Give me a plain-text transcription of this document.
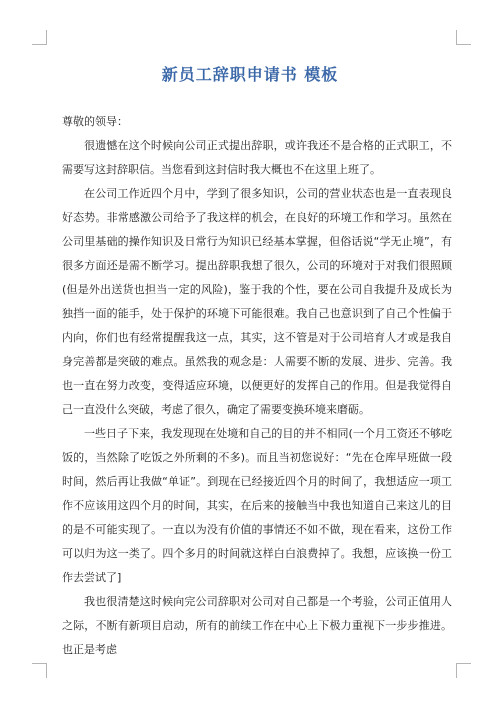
新员工辞职申请书 模板

尊敬的领导：

很遗憾在这个时候向公司正式提出辞职，或许我还不是合格的正式职工，不需要写这封辞职信。当您看到这封信时我大概也不在这里上班了。

在公司工作近四个月中，学到了很多知识，公司的营业状态也是一直表现良好态势。非常感激公司给予了我这样的机会，在良好的环境工作和学习。虽然在公司里基础的操作知识及日常行为知识已经基本掌握，但俗话说“学无止境”，有很多方面还是需不断学习。提出辞职我想了很久，公司的环境对于对我们很照顾(但是外出送货也担当一定的风险)，鉴于我的个性，要在公司自我提升及成长为独挡一面的能手，处于保护的环境下可能很难。我自己也意识到了自己个性偏于内向，你们也有经常提醒我这一点，其实，这不管是对于公司培育人才或是我自身完善都是突破的难点。虽然我的观念是：人需要不断的发展、进步、完善。我也一直在努力改变，变得适应环境，以便更好的发挥自己的作用。但是我觉得自己一直没什么突破，考虑了很久，确定了需要变换环境来磨砺。

一些日子下来，我发现现在处境和自己的目的并不相同(一个月工资还不够吃饭的，当然除了吃饭之外所剩的不多)。而且当初您说好：“先在仓库早班做一段时间，然后再让我做“单证”。到现在已经接近四个月的时间了，我想适应一项工作不应该用这四个月的时间，其实，在后来的接触当中我也知道自己来这儿的目的是不可能实现了。一直以为没有价值的事情还不如不做，现在看来，这份工作可以归为这一类了。四个多月的时间就这样白白浪费掉了。我想，应该换一份工作去尝试了]

我也很清楚这时候向完公司辞职对公司对自己都是一个考验，公司正值用人之际，不断有新项目启动，所有的前续工作在中心上下极力重视下一步步推进。也正是考虑
